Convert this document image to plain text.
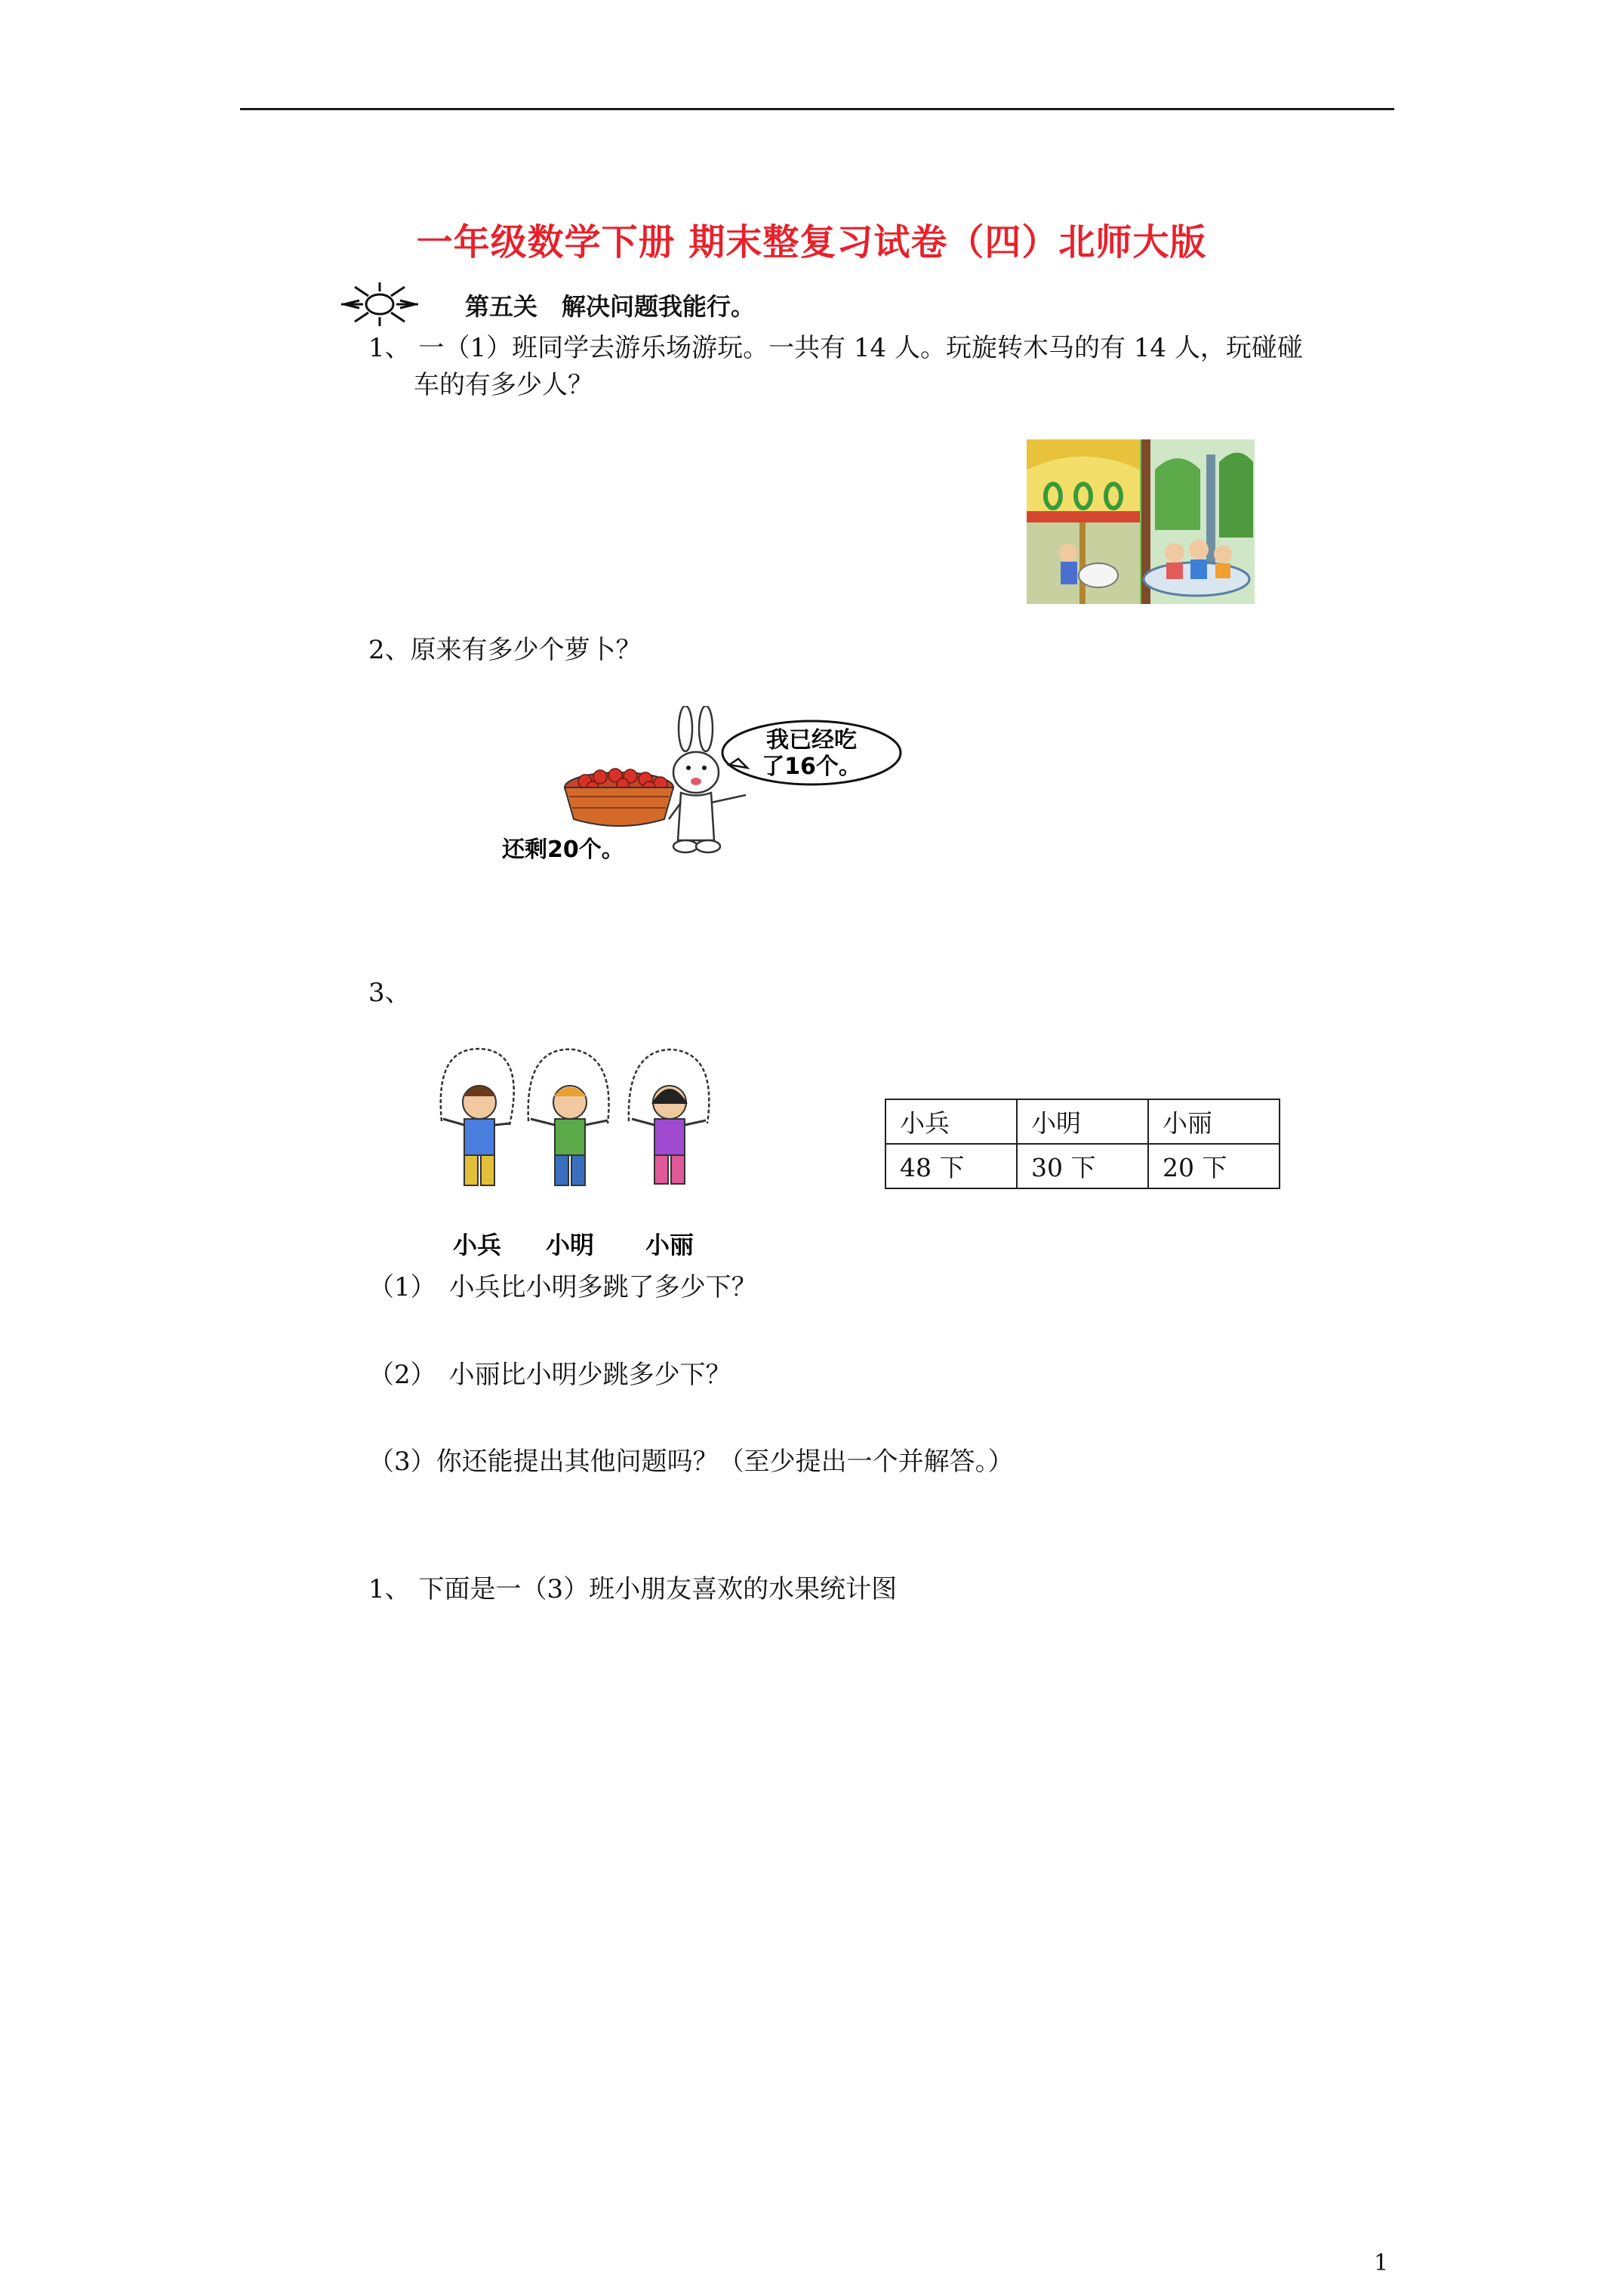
一年级数学下册 期末整复习试卷（四）北师大版
第五关　解决问题我能行。
1、 一（1）班同学去游乐场游玩。一共有 14 人。玩旋转木马的有 14 人，玩碰碰
车的有多少人？
2、原来有多少个萝卜？
我已经吃
了16个。
还剩20个。
3、
小兵 小明 小丽
小兵	小明	小丽
48 下	30 下	20 下
（1）　小兵比小明多跳了多少下？
（2）　小丽比小明少跳多少下？
（3）你还能提出其他问题吗？（至少提出一个并解答。）
1、 下面是一（3）班小朋友喜欢的水果统计图
1
